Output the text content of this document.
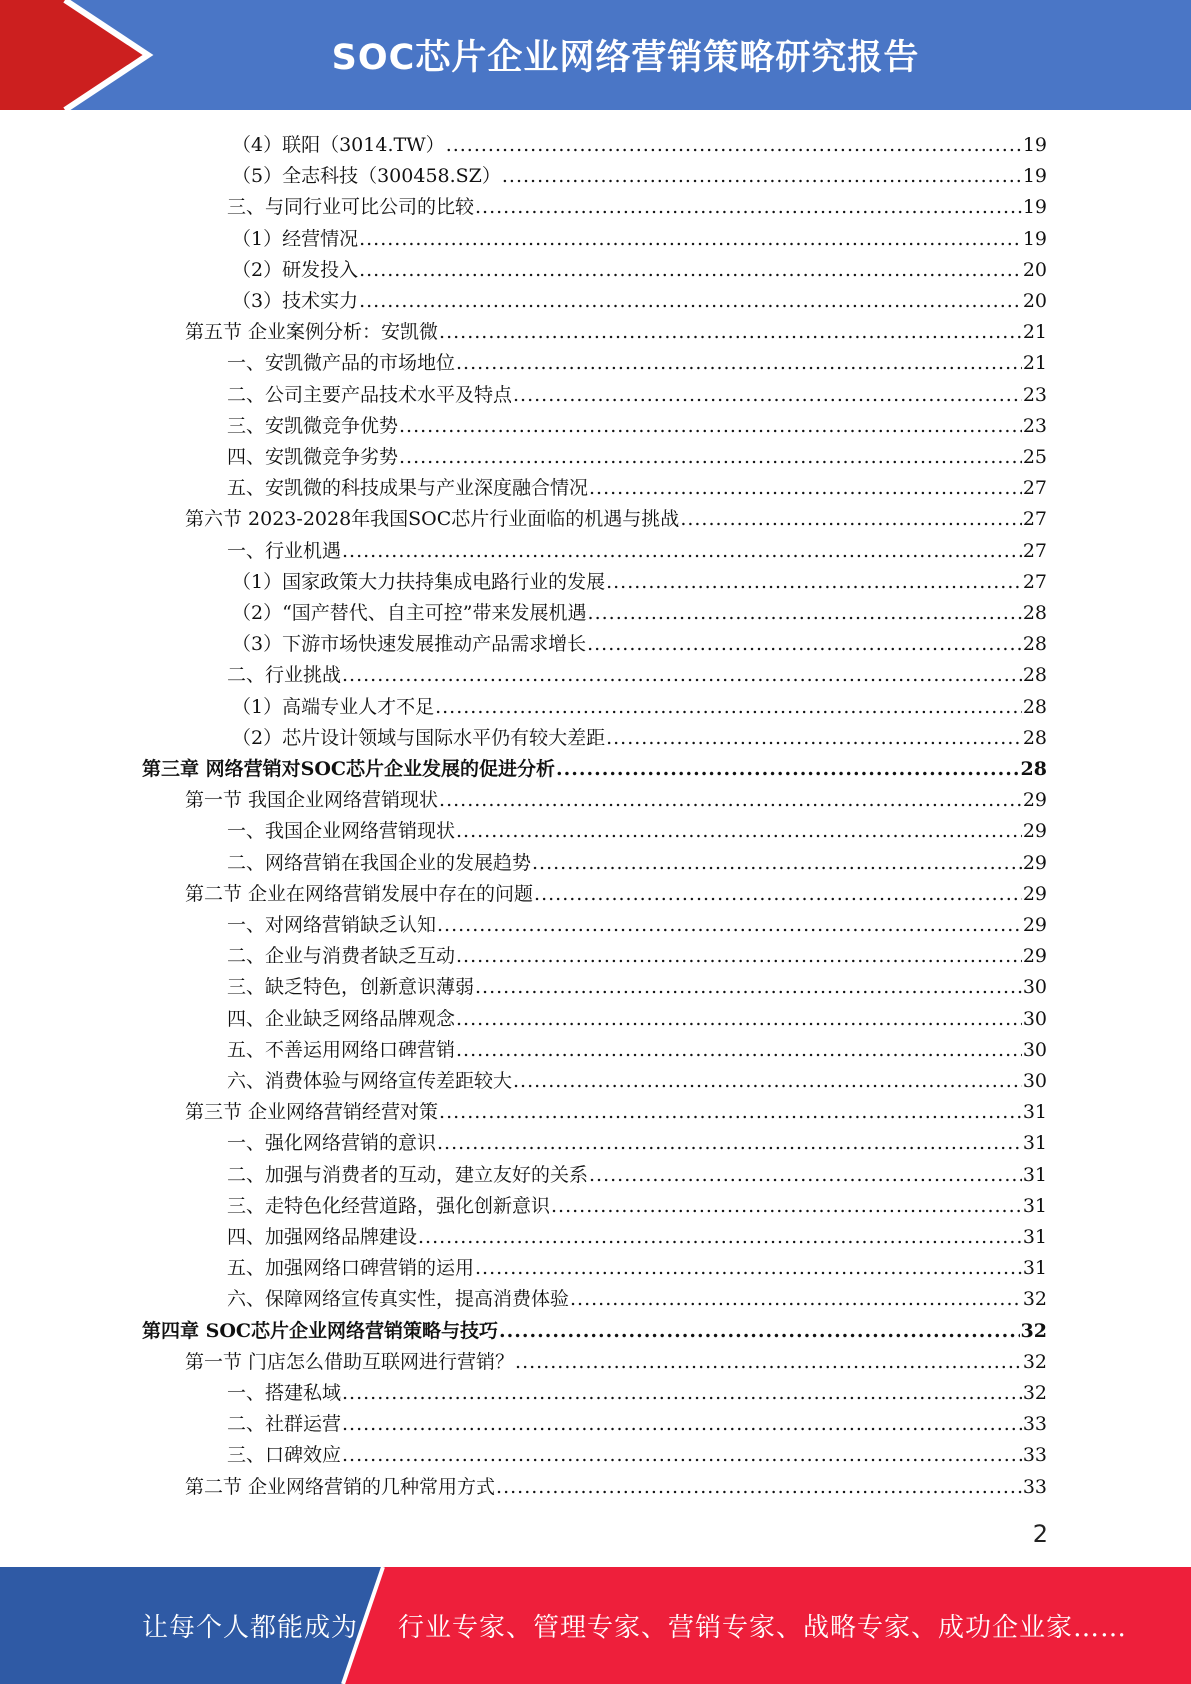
SOC芯片企业网络营销策略研究报告
（4）联阳（3014.TW） .....	19
（5）全志科技（300458.SZ） .....	19
三、与同行业可比公司的比较 .....	19
（1）经营情况 .....	19
（2）研发投入 .....	20
（3）技术实力 .....	20
第五节 企业案例分析：安凯微 .....	21
一、安凯微产品的市场地位 .....	21
二、公司主要产品技术水平及特点 .....	23
三、安凯微竞争优势 .....	23
四、安凯微竞争劣势 .....	25
五、安凯微的科技成果与产业深度融合情况 .....	27
第六节 2023-2028年我国SOC芯片行业面临的机遇与挑战 .....	27
一、行业机遇 .....	27
（1）国家政策大力扶持集成电路行业的发展 .....	27
（2）“国产替代、自主可控”带来发展机遇 .....	28
（3）下游市场快速发展推动产品需求增长 .....	28
二、行业挑战 .....	28
（1）高端专业人才不足 .....	28
（2）芯片设计领域与国际水平仍有较大差距 .....	28
第三章 网络营销对SOC芯片企业发展的促进分析 .....	28
第一节 我国企业网络营销现状 .....	29
一、我国企业网络营销现状 .....	29
二、网络营销在我国企业的发展趋势 .....	29
第二节 企业在网络营销发展中存在的问题 .....	29
一、对网络营销缺乏认知 .....	29
二、企业与消费者缺乏互动 .....	29
三、缺乏特色，创新意识薄弱 .....	30
四、企业缺乏网络品牌观念 .....	30
五、不善运用网络口碑营销 .....	30
六、消费体验与网络宣传差距较大 .....	30
第三节 企业网络营销经营对策 .....	31
一、强化网络营销的意识 .....	31
二、加强与消费者的互动，建立友好的关系 .....	31
三、走特色化经营道路，强化创新意识 .....	31
四、加强网络品牌建设 .....	31
五、加强网络口碑营销的运用 .....	31
六、保障网络宣传真实性，提高消费体验 .....	32
第四章 SOC芯片企业网络营销策略与技巧 .....	32
第一节 门店怎么借助互联网进行营销？ .....	32
一、搭建私域 .....	32
二、社群运营 .....	33
三、口碑效应 .....	33
第二节 企业网络营销的几种常用方式 .....	33
2
让每个人都能成为 行业专家、管理专家、营销专家、战略专家、成功企业家……
